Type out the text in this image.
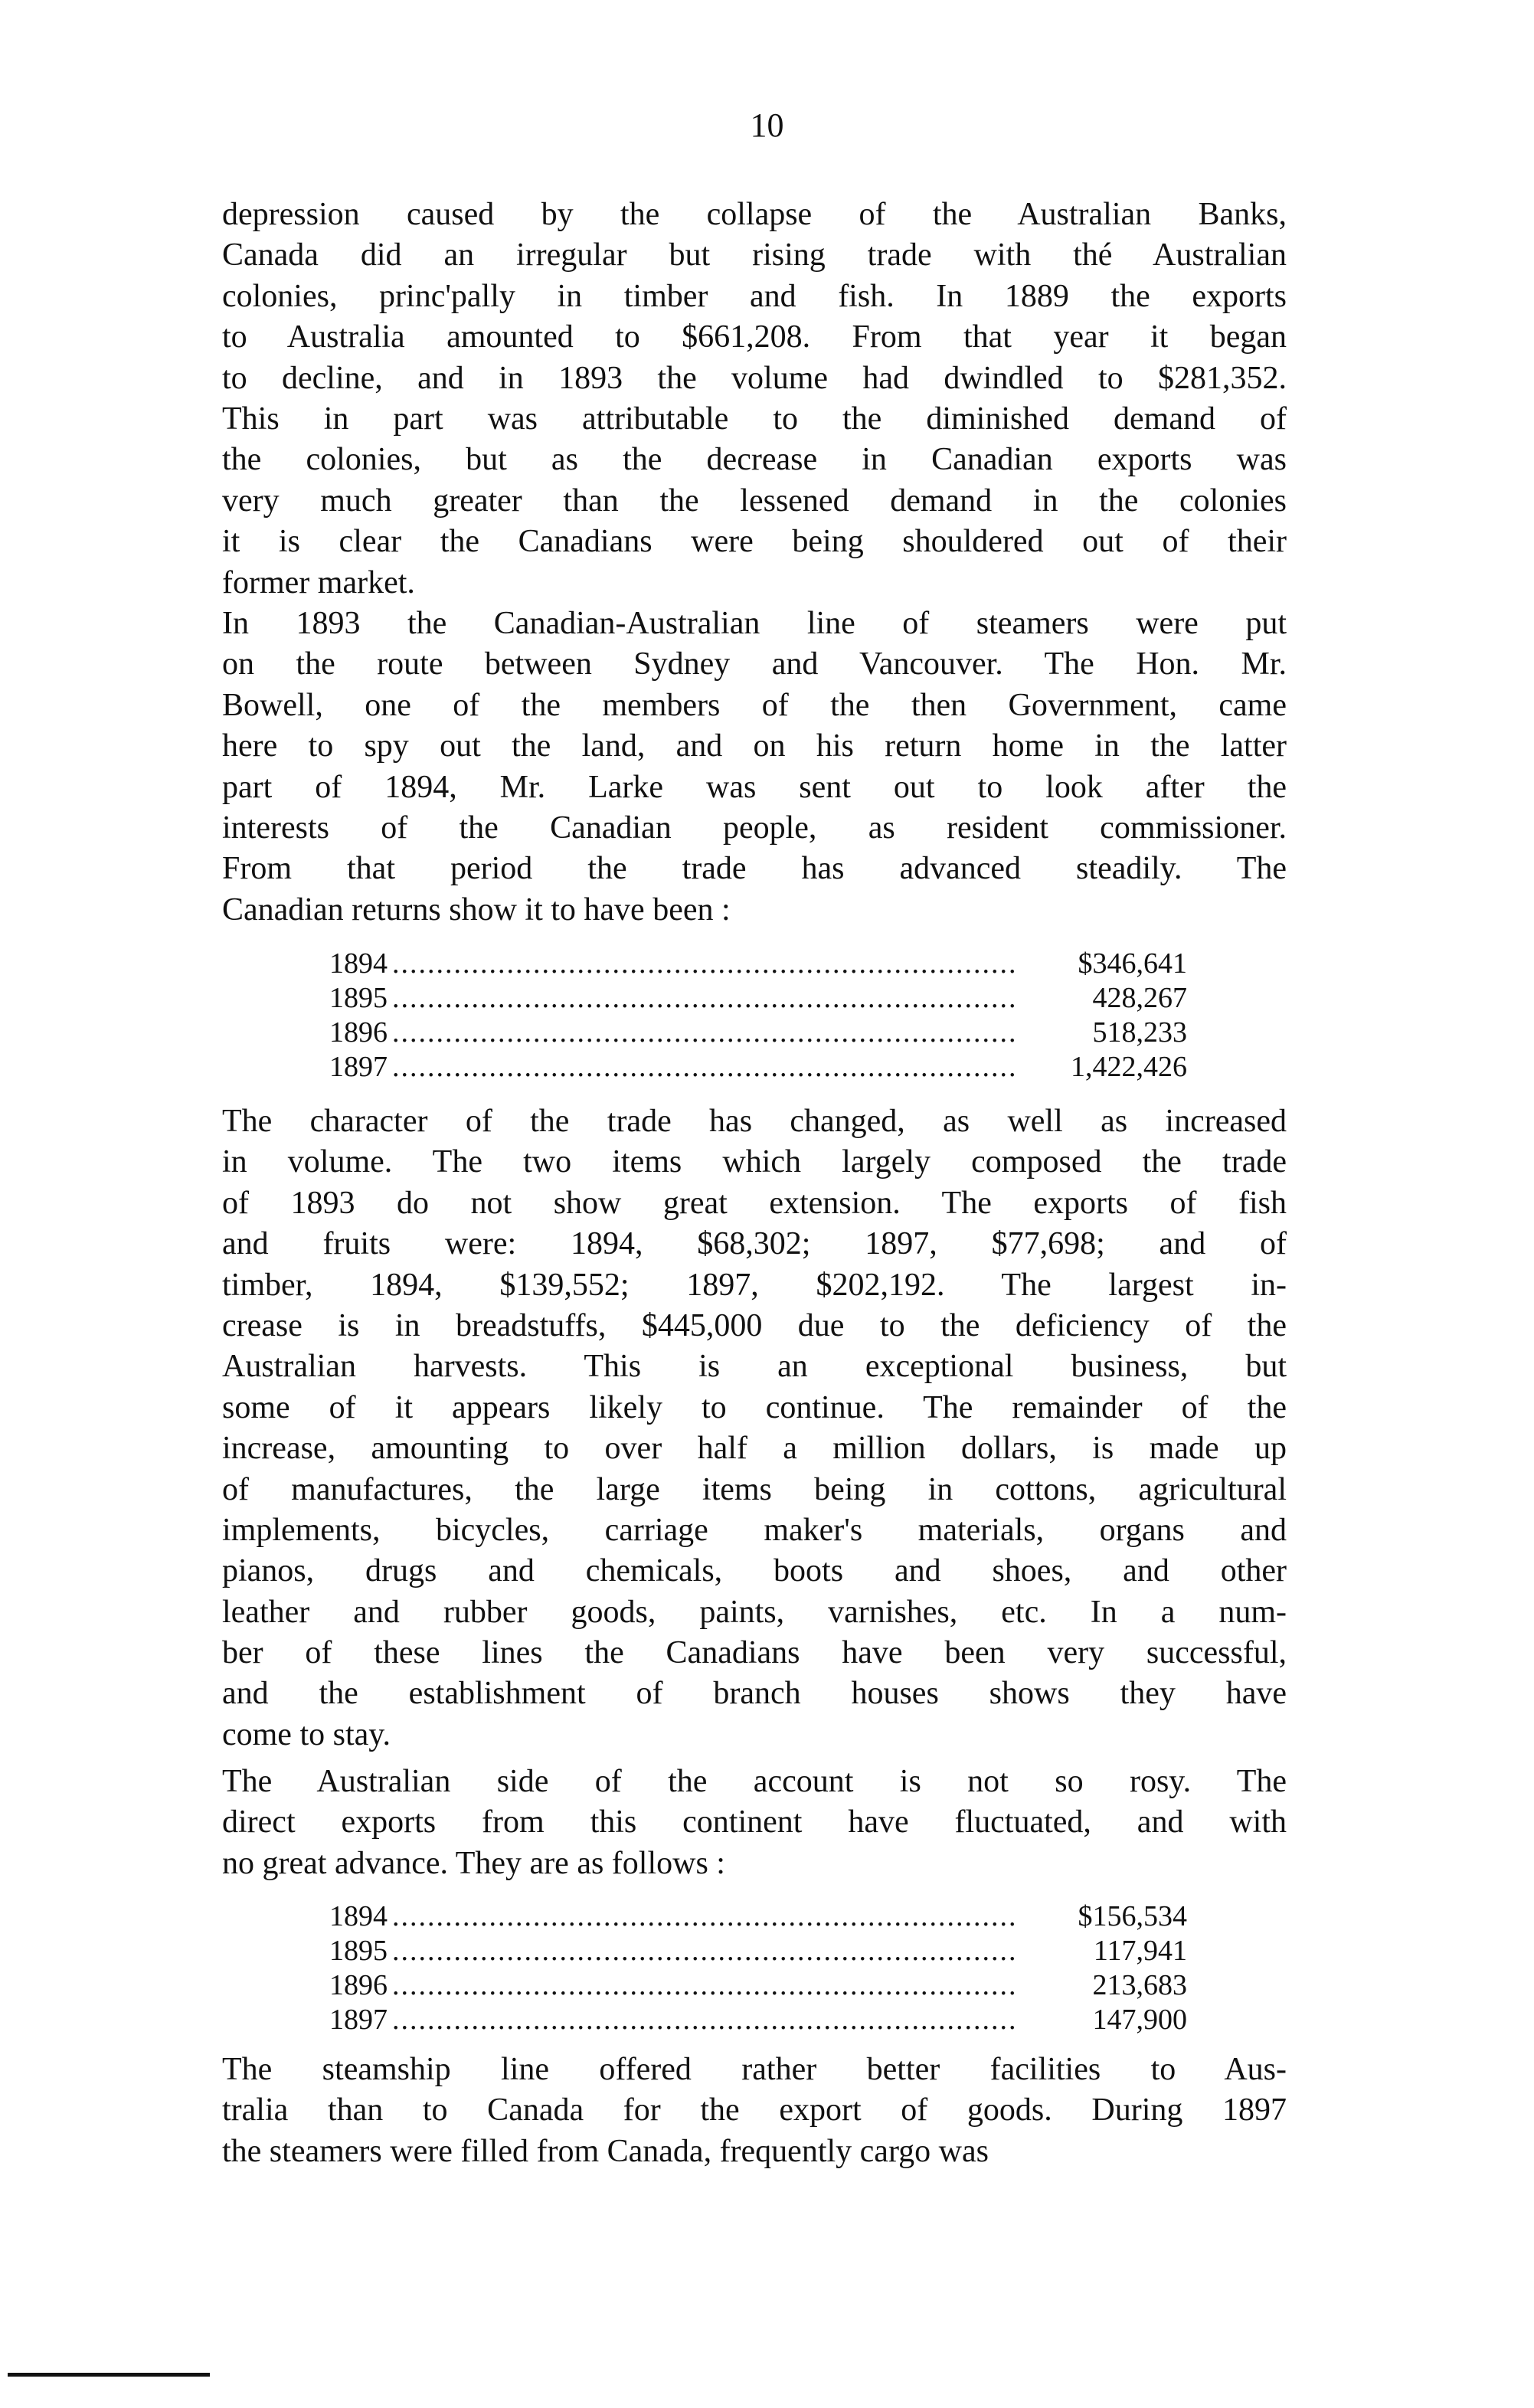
10
depression caused by the collapse of the Australian Banks,
Canada did an irregular but rising trade with thé Australian
colonies, princ'pally in timber and fish. In 1889 the exports
to Australia amounted to $661,208. From that year it began
to decline, and in 1893 the volume had dwindled to $281,352.
This in part was attributable to the diminished demand of
the colonies, but as the decrease in Canadian exports was
very much greater than the lessened demand in the colonies
it is clear the Canadians were being shouldered out of their
former market.
In 1893 the Canadian-Australian line of steamers were put
on the route between Sydney and Vancouver. The Hon. Mr.
Bowell, one of the members of the then Government, came
here to spy out the land, and on his return home in the latter
part of 1894, Mr. Larke was sent out to look after the
interests of the Canadian people, as resident commissioner.
From that period the trade has advanced steadily. The
Canadian returns show it to have been :
1894 .....	$346,641
1895 .....	428,267
1896 .....	518,233
1897 .....	1,422,426
The character of the trade has changed, as well as increased
in volume. The two items which largely composed the trade
of 1893 do not show great extension. The exports of fish
and fruits were: 1894, $68,302; 1897, $77,698; and of
timber, 1894, $139,552; 1897, $202,192. The largest in-
crease is in breadstuffs, $445,000 due to the deficiency of the
Australian harvests. This is an exceptional business, but
some of it appears likely to continue. The remainder of the
increase, amounting to over half a million dollars, is made up
of manufactures, the large items being in cottons, agricultural
implements, bicycles, carriage maker's materials, organs and
pianos, drugs and chemicals, boots and shoes, and other
leather and rubber goods, paints, varnishes, etc. In a num-
ber of these lines the Canadians have been very successful,
and the establishment of branch houses shows they have
come to stay.
The Australian side of the account is not so rosy. The
direct exports from this continent have fluctuated, and with
no great advance. They are as follows :
1894 .....	$156,534
1895 .....	117,941
1896 .....	213,683
1897 .....	147,900
The steamship line offered rather better facilities to Aus-
tralia than to Canada for the export of goods. During 1897
the steamers were filled from Canada, frequently cargo was
